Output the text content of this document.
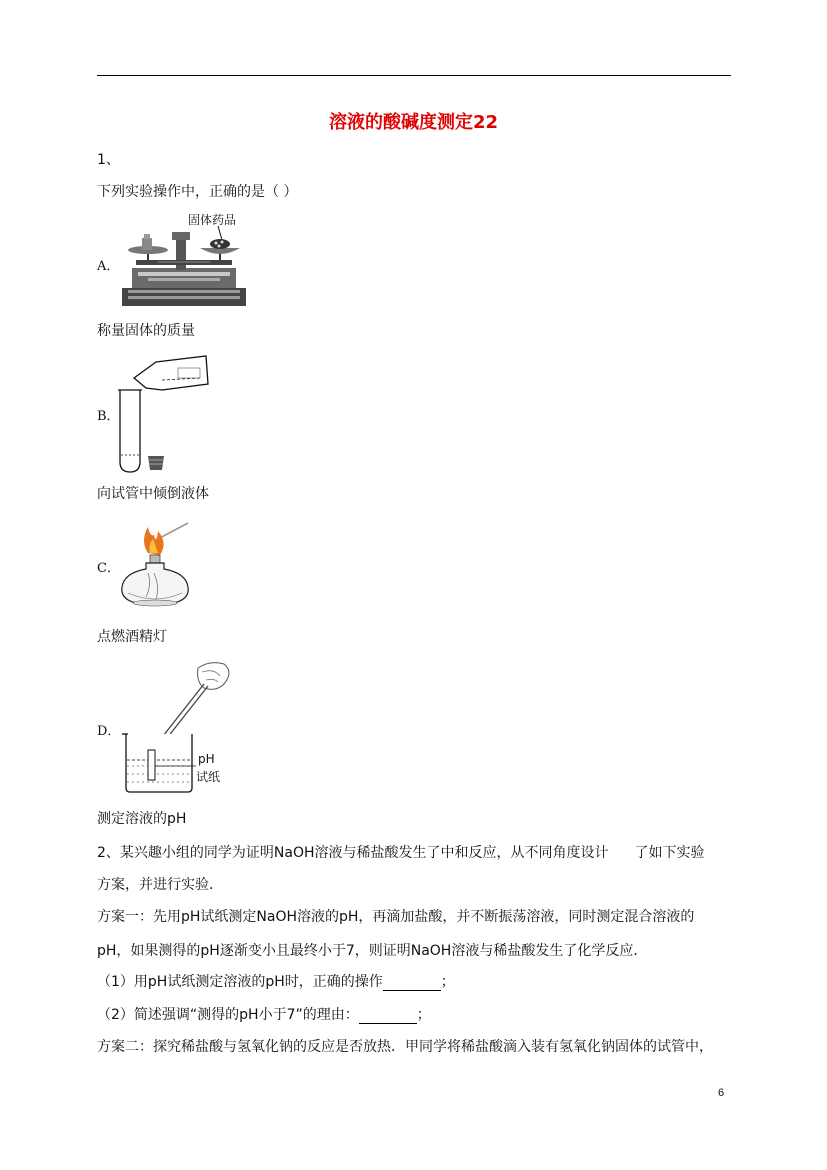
溶液的酸碱度测定22
1、
下列实验操作中，正确的是（ ）
A．
固体药品
称量固体的质量
B．
向试管中倾倒液体
C．
点燃酒精灯
D．
pH
试纸
测定溶液的pH
2、某兴趣小组的同学为证明NaOH溶液与稀盐酸发生了中和反应，从不同角度设计 了如下实验
方案，并进行实验．
方案一：先用pH试纸测定NaOH溶液的pH，再滴加盐酸，并不断振荡溶液，同时测定混合溶液的
pH，如果测得的pH逐渐变小且最终小于7，则证明NaOH溶液与稀盐酸发生了化学反应．
（1）用pH试纸测定溶液的pH时，正确的操作	；
（2）简述强调“测得的pH小于7”的理由：	；
方案二：探究稀盐酸与氢氧化钠的反应是否放热．甲同学将稀盐酸滴入装有氢氧化钠固体的试管中，
6
